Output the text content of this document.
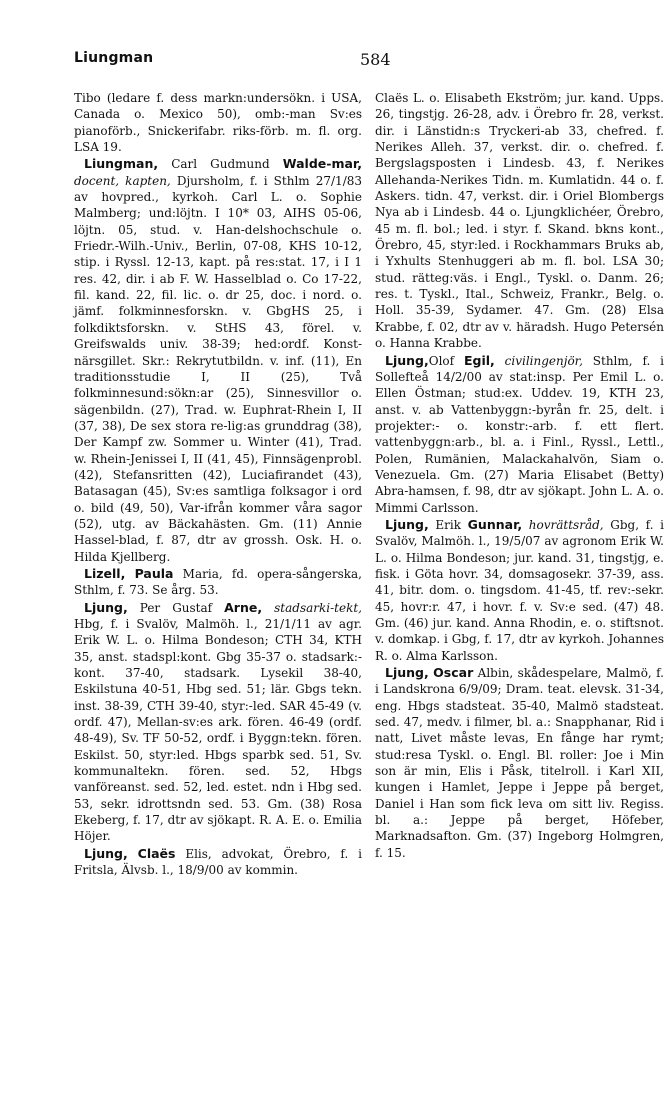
Liungman	584

Tibo (ledare f. dess markn:undersökn. i USA, Canada o. Mexico 50), omb:-man Sv:es pianoförb., Snickerifabr. riks-förb. m. fl. org. LSA 19.

Liungman, Carl Gudmund Walde-mar, docent, kapten, Djursholm, f. i Sthlm 27/1/83 av hovpred., kyrkoh. Carl L. o. Sophie Malmberg; und:löjtn. I 10* 03, AIHS 05-06, löjtn. 05, stud. v. Han-delshochschule o. Friedr.-Wilh.-Univ., Berlin, 07-08, KHS 10-12, stip. i Ryssl. 12-13, kapt. på res:stat. 17, i I 1 res. 42, dir. i ab F. W. Hasselblad o. Co 17-22, fil. kand. 22, fil. lic. o. dr 25, doc. i nord. o. jämf. folkminnesforskn. v. GbgHS 25, i folkdiktsforskn. v. StHS 43, förel. v. Greifswalds univ. 38-39; hed:ordf. Konst-närsgillet. Skr.: Rekrytutbildn. v. inf. (11), En traditionsstudie I, II (25), Två folkminnesund:sökn:ar (25), Sinnesvillor o. sägenbildn. (27), Trad. w. Euphrat-Rhein I, II (37, 38), De sex stora re-lig:as grunddrag (38), Der Kampf zw. Sommer u. Winter (41), Trad. w. Rhein-Jenissei I, II (41, 45), Finnsägenprobl. (42), Stefansritten (42), Luciafirandet (43), Batasagan (45), Sv:es samtliga folksagor i ord o. bild (49, 50), Var-ifrån kommer våra sagor (52), utg. av Bäckahästen. Gm. (11) Annie Hassel-blad, f. 87, dtr av grossh. Osk. H. o. Hilda Kjellberg.

Lizell, Paula Maria, fd. opera-sångerska, Sthlm, f. 73. Se årg. 53.

Ljung, Per Gustaf Arne, stadsarki-tekt, Hbg, f. i Svalöv, Malmöh. l., 21/1/11 av agr. Erik W. L. o. Hilma Bondeson; CTH 34, KTH 35, anst. stadspl:kont. Gbg 35-37 o. stadsark:-kont. 37-40, stadsark. Lysekil 38-40, Eskilstuna 40-51, Hbg sed. 51; lär. Gbgs tekn. inst. 38-39, CTH 39-40, styr:-led. SAR 45-49 (v. ordf. 47), Mellan-sv:es ark. fören. 46-49 (ordf. 48-49), Sv. TF 50-52, ordf. i Byggn:tekn. fören. Eskilst. 50, styr:led. Hbgs sparbk sed. 51, Sv. kommunaltekn. fören. sed. 52, Hbgs vanföreanst. sed. 52, led. estet. ndn i Hbg sed. 53, sekr. idrottsndn sed. 53. Gm. (38) Rosa Ekeberg, f. 17, dtr av sjökapt. R. A. E. o. Emilia Höjer.

Ljung, Claës Elis, advokat, Örebro, f. i Fritsla, Älvsb. l., 18/9/00 av kommin.

Claës L. o. Elisabeth Ekström; jur. kand. Upps. 26, tingstjg. 26-28, adv. i Örebro fr. 28, verkst. dir. i Länstidn:s Tryckeri-ab 33, chefred. f. Nerikes Alleh. 37, verkst. dir. o. chefred. f. Bergslagsposten i Lindesb. 43, f. Nerikes Allehanda-Nerikes Tidn. m. Kumlatidn. 44 o. f. Askers. tidn. 47, verkst. dir. i Oriel Blombergs Nya ab i Lindesb. 44 o. Ljungklichéer, Örebro, 45 m. fl. bol.; led. i styr. f. Skand. bkns kont., Örebro, 45, styr:led. i Rockhammars Bruks ab, i Yxhults Stenhuggeri ab m. fl. bol. LSA 30; stud. rätteg:väs. i Engl., Tyskl. o. Danm. 26; res. t. Tyskl., Ital., Schweiz, Frankr., Belg. o. Holl. 35-39, Sydamer. 47. Gm. (28) Elsa Krabbe, f. 02, dtr av v. häradsh. Hugo Petersén o. Hanna Krabbe.

Ljung,Olof Egil, civilingenjör, Sthlm, f. i Sollefteå 14/2/00 av stat:insp. Per Emil L. o. Ellen Östman; stud:ex. Uddev. 19, KTH 23, anst. v. ab Vattenbyggn:-byrån fr. 25, delt. i projekter:- o. konstr:-arb. f. ett flert. vattenbyggn:arb., bl. a. i Finl., Ryssl., Lettl., Polen, Rumänien, Malackahalvön, Siam o. Venezuela. Gm. (27) Maria Elisabet (Betty) Abra-hamsen, f. 98, dtr av sjökapt. John L. A. o. Mimmi Carlsson.

Ljung, Erik Gunnar, hovrättsråd, Gbg, f. i Svalöv, Malmöh. l., 19/5/07 av agronom Erik W. L. o. Hilma Bondeson; jur. kand. 31, tingstjg, e. fisk. i Göta hovr. 34, domsagosekr. 37-39, ass. 41, bitr. dom. o. tingsdom. 41-45, tf. rev:-sekr. 45, hovr:r. 47, i hovr. f. v. Sv:e sed. (47) 48. Gm. (46) jur. kand. Anna Rhodin, e. o. stiftsnot. v. domkap. i Gbg, f. 17, dtr av kyrkoh. Johannes R. o. Alma Karlsson.

Ljung, Oscar Albin, skådespelare, Malmö, f. i Landskrona 6/9/09; Dram. teat. elevsk. 31-34, eng. Hbgs stadsteat. 35-40, Malmö stadsteat. sed. 47, medv. i filmer, bl. a.: Snapphanar, Rid i natt, Livet måste levas, En fånge har rymt; stud:resa Tyskl. o. Engl. Bl. roller: Joe i Min son är min, Elis i Påsk, titelroll. i Karl XII, kungen i Hamlet, Jeppe i Jeppe på berget, Daniel i Han som fick leva om sitt liv. Regiss. bl. a.: Jeppe på berget, Höfeber, Marknadsafton. Gm. (37) Ingeborg Holmgren, f. 15.
